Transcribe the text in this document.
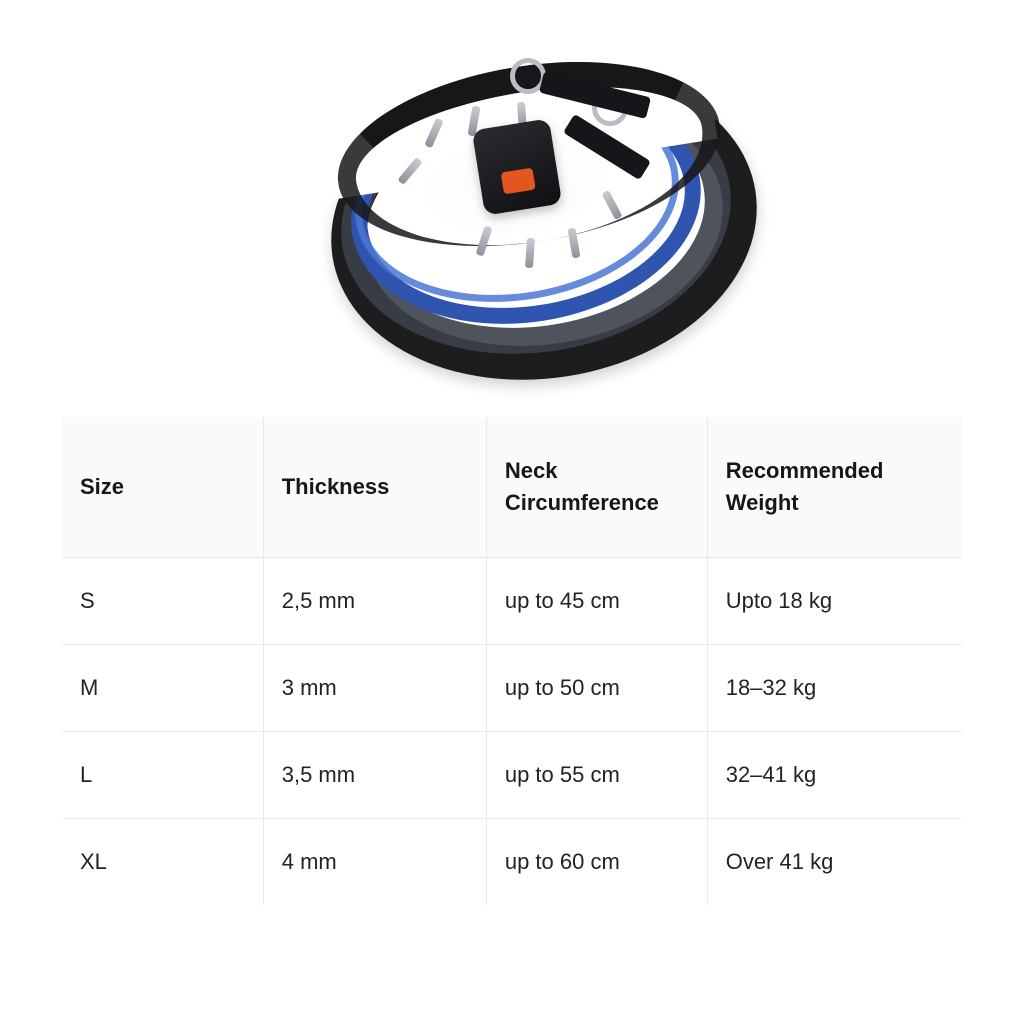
Size	Thickness	Neck Circumference	Recommended Weight
S	2,5 mm	up to 45 cm	Upto 18 kg
M	3 mm	up to 50 cm	18–32 kg
L	3,5 mm	up to 55 cm	32–41 kg
XL	4 mm	up to 60 cm	Over 41 kg
